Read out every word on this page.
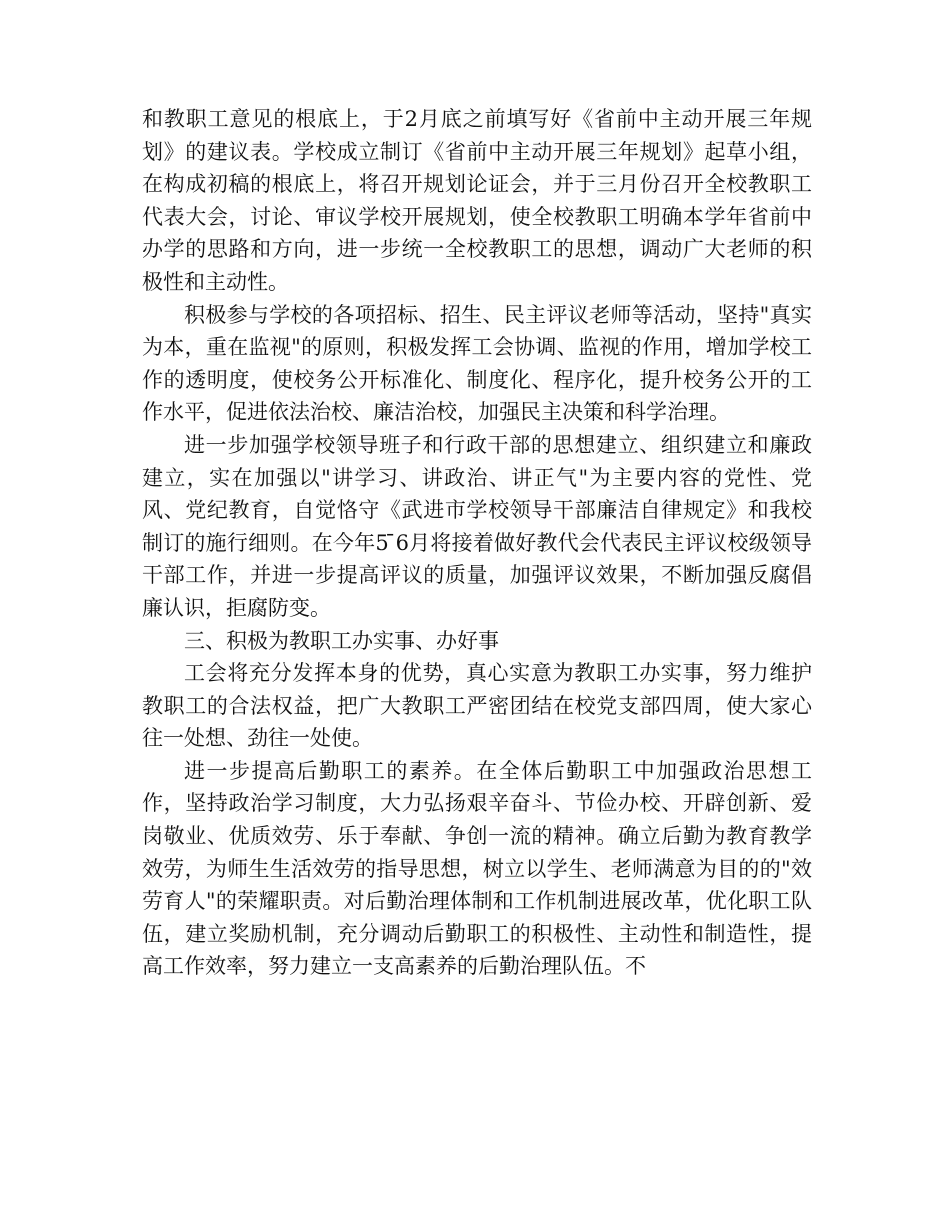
和教职工意见的根底上，于2月底之前填写好《省前中主动开展三年规划》的建议表。学校成立制订《省前中主动开展三年规划》起草小组，在构成初稿的根底上，将召开规划论证会，并于三月份召开全校教职工代表大会，讨论、审议学校开展规划，使全校教职工明确本学年省前中办学的思路和方向，进一步统一全校教职工的思想，调动广大老师的积极性和主动性。

积极参与学校的各项招标、招生、民主评议老师等活动，坚持"真实为本，重在监视"的原则，积极发挥工会协调、监视的作用，增加学校工作的透明度，使校务公开标准化、制度化、程序化，提升校务公开的工作水平，促进依法治校、廉洁治校，加强民主决策和科学治理。

进一步加强学校领导班子和行政干部的思想建立、组织建立和廉政建立，实在加强以"讲学习、讲政治、讲正气"为主要内容的党性、党风、党纪教育，自觉恪守《武进市学校领导干部廉洁自律规定》和我校制订的施行细则。在今年5 ̄6月将接着做好教代会代表民主评议校级领导干部工作，并进一步提高评议的质量，加强评议效果，不断加强反腐倡廉认识，拒腐防变。

三、积极为教职工办实事、办好事

工会将充分发挥本身的优势，真心实意为教职工办实事，努力维护教职工的合法权益，把广大教职工严密团结在校党支部四周，使大家心往一处想、劲往一处使。

进一步提高后勤职工的素养。在全体后勤职工中加强政治思想工作，坚持政治学习制度，大力弘扬艰辛奋斗、节俭办校、开辟创新、爱岗敬业、优质效劳、乐于奉献、争创一流的精神。确立后勤为教育教学效劳，为师生生活效劳的指导思想，树立以学生、老师满意为目的的"效劳育人"的荣耀职责。对后勤治理体制和工作机制进展改革，优化职工队伍，建立奖励机制，充分调动后勤职工的积极性、主动性和制造性，提高工作效率，努力建立一支高素养的后勤治理队伍。不
